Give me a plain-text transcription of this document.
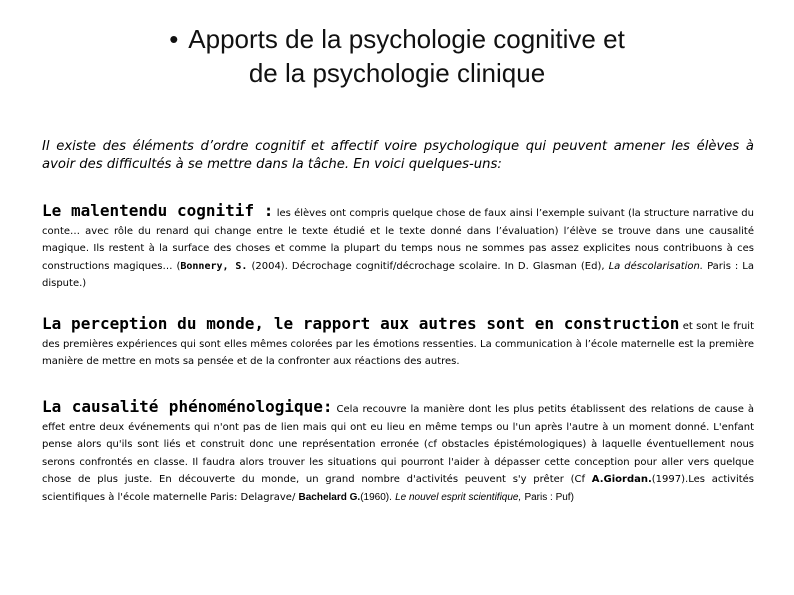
• Apports de la psychologie cognitive et
de la psychologie clinique
Il existe des éléments d’ordre cognitif et affectif voire psychologique qui peuvent amener les élèves à avoir des difficultés à se mettre dans la tâche. En voici quelques-uns:
Le malentendu cognitif : les élèves ont compris quelque chose de faux ainsi l’exemple suivant (la structure narrative du conte… avec rôle du renard qui change entre le texte étudié et le texte donné dans l’évaluation) l’élève se trouve dans une causalité magique. Ils restent à la surface des choses et comme la plupart du temps nous ne sommes pas assez explicites nous contribuons à ces constructions magiques… (Bonnery, S. (2004). Décrochage cognitif/décrochage scolaire. In D. Glasman (Ed), La déscolarisation. Paris : La dispute.)
La perception du monde, le rapport aux autres sont en construction et sont le fruit des premières expériences qui sont elles mêmes colorées par les émotions ressenties. La communication à l’école maternelle est la première manière de mettre en mots sa pensée et de la confronter aux réactions des autres.
La causalité phénoménologique: Cela recouvre la manière dont les plus petits établissent des relations de cause à effet entre deux événements qui n'ont pas de lien mais qui ont eu lieu en même temps ou l'un après l'autre à un moment donné. L'enfant pense alors qu'ils sont liés et construit donc une représentation erronée (cf obstacles épistémologiques) à laquelle éventuellement nous serons confrontés en classe. Il faudra alors trouver les situations qui pourront l'aider à dépasser cette conception pour aller vers quelque chose de plus juste. En découverte du monde, un grand nombre d'activités peuvent s'y prêter (Cf A.Giordan.(1997).Les activités scientifiques à l'école maternelle Paris: Delagrave/ Bachelard G.(1960). Le nouvel esprit scientifique, Paris : Puf)
